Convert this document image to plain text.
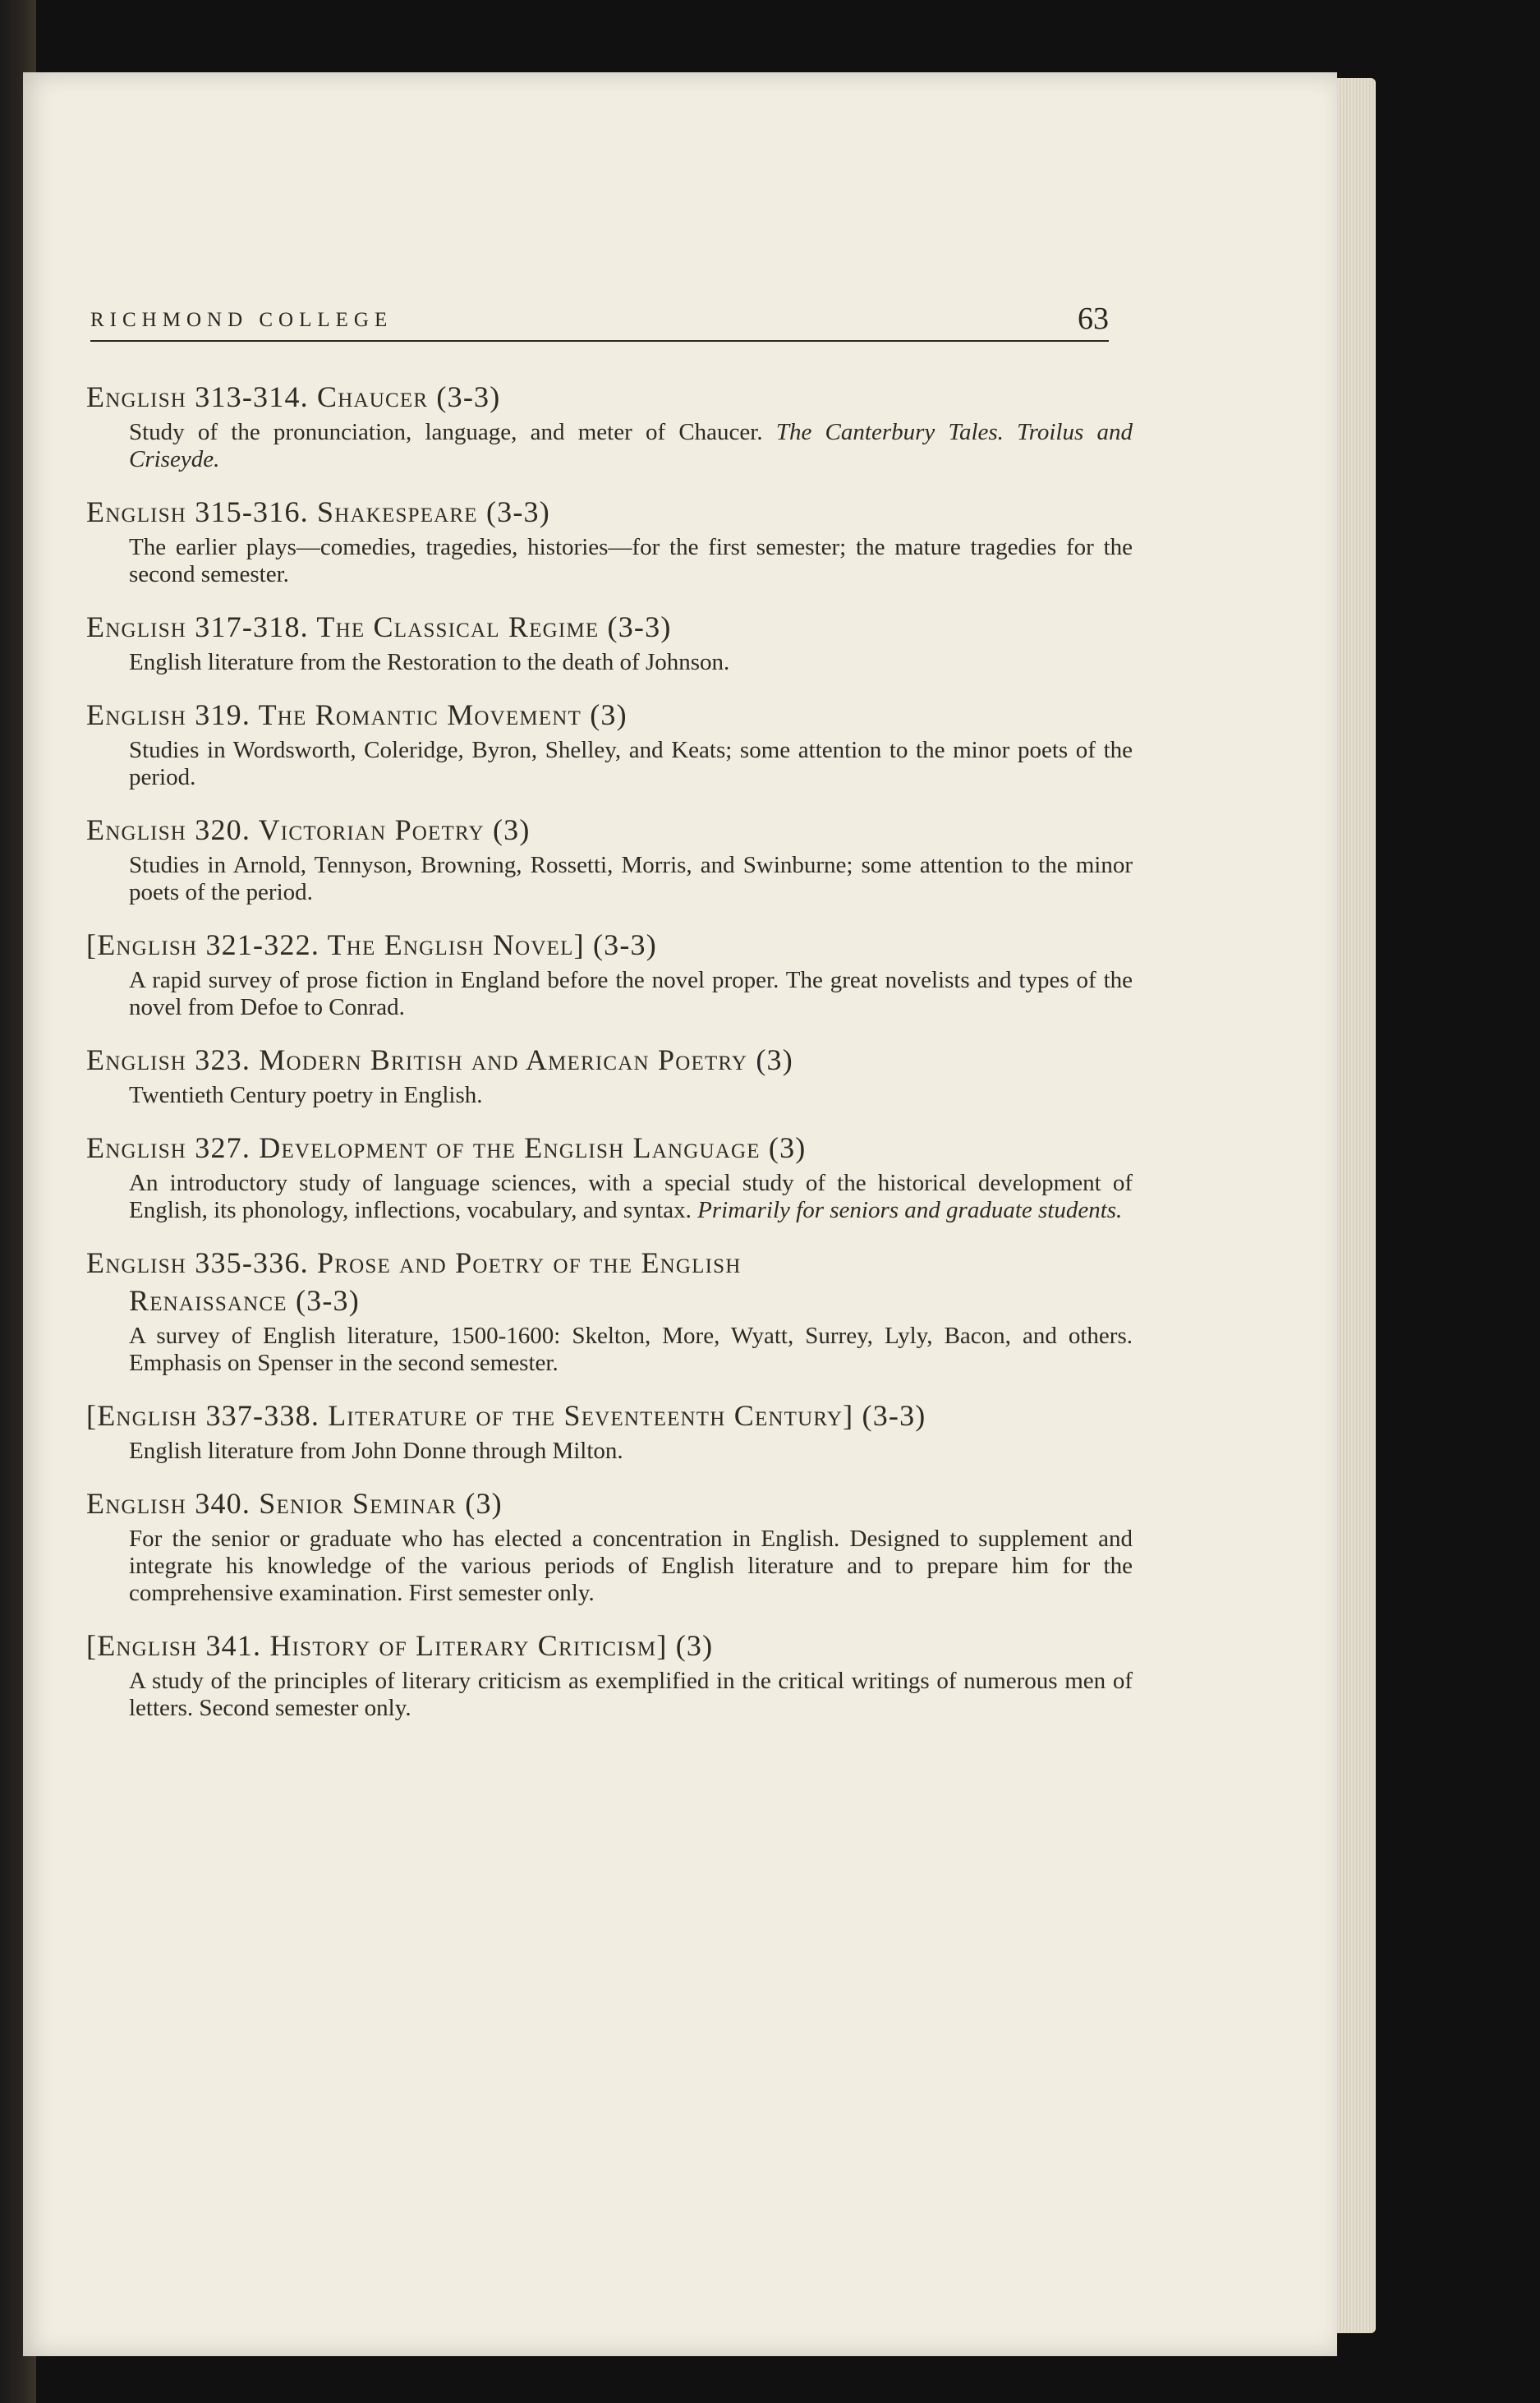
RICHMOND COLLEGE	63

English 313-314. Chaucer (3-3)

Study of the pronunciation, language, and meter of Chaucer. The Canterbury Tales. Troilus and Criseyde.

English 315-316. Shakespeare (3-3)

The earlier plays—comedies, tragedies, histories—for the first semester; the mature tragedies for the second semester.

English 317-318. The Classical Regime (3-3)

English literature from the Restoration to the death of Johnson.

English 319. The Romantic Movement (3)

Studies in Wordsworth, Coleridge, Byron, Shelley, and Keats; some attention to the minor poets of the period.

English 320. Victorian Poetry (3)

Studies in Arnold, Tennyson, Browning, Rossetti, Morris, and Swinburne; some attention to the minor poets of the period.

[English 321-322. The English Novel] (3-3)

A rapid survey of prose fiction in England before the novel proper. The great novelists and types of the novel from Defoe to Conrad.

English 323. Modern British and American Poetry (3)

Twentieth Century poetry in English.

English 327. Development of the English Language (3)

An introductory study of language sciences, with a special study of the historical development of English, its phonology, inflections, vocabulary, and syntax. Primarily for seniors and graduate students.

English 335-336. Prose and Poetry of the English
Renaissance (3-3)

A survey of English literature, 1500-1600: Skelton, More, Wyatt, Surrey, Lyly, Bacon, and others. Emphasis on Spenser in the second semester.

[English 337-338. Literature of the Seventeenth Century] (3-3)

English literature from John Donne through Milton.

English 340. Senior Seminar (3)

For the senior or graduate who has elected a concentration in English. Designed to supplement and integrate his knowledge of the various periods of English literature and to prepare him for the comprehensive examination. First semester only.

[English 341. History of Literary Criticism] (3)

A study of the principles of literary criticism as exemplified in the critical writings of numerous men of letters. Second semester only.
